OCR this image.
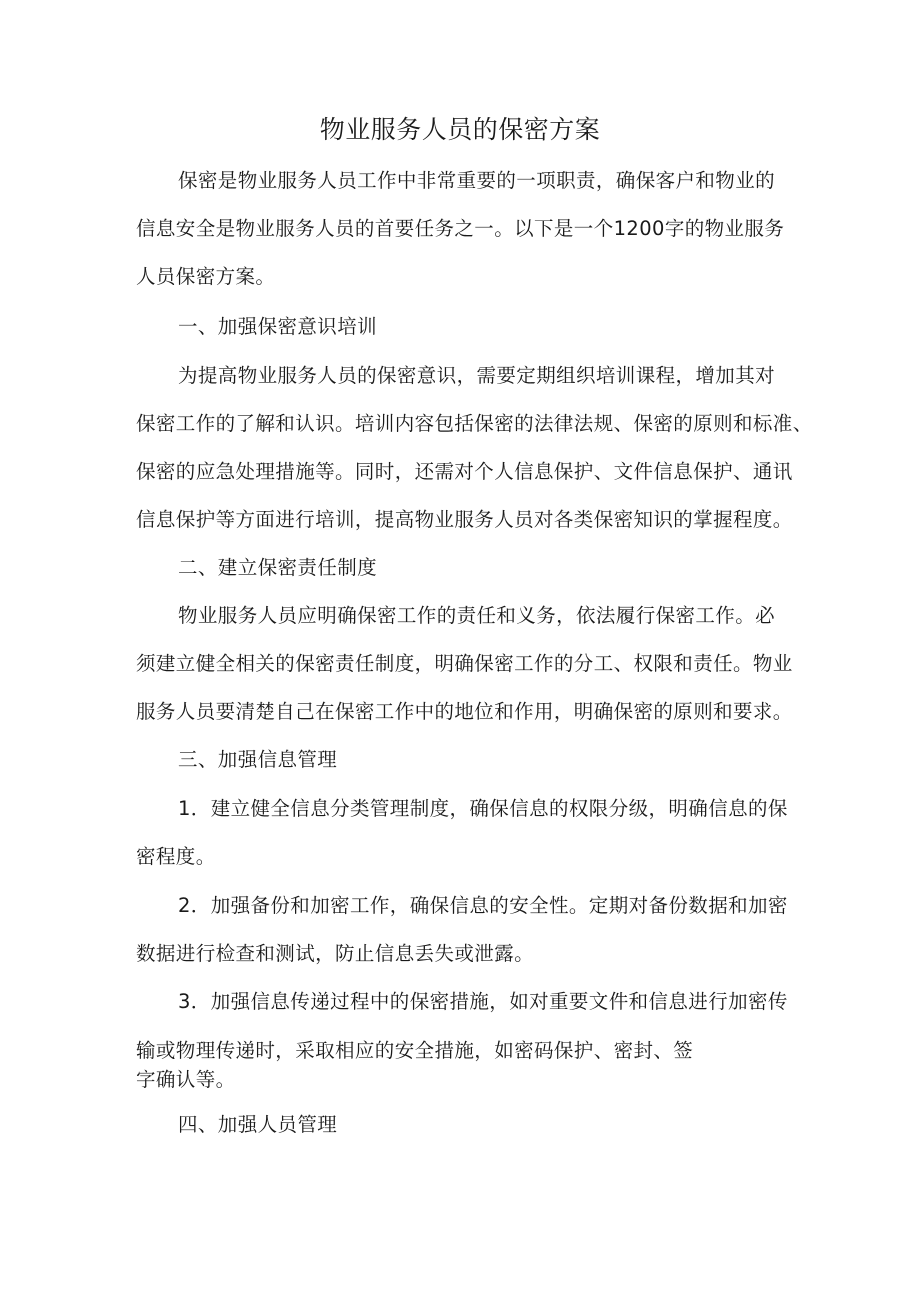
物业服务人员的保密方案
保密是物业服务人员工作中非常重要的一项职责，确保客户和物业的
信息安全是物业服务人员的首要任务之一。以下是一个1200字的物业服务
人员保密方案。
一、加强保密意识培训
为提高物业服务人员的保密意识，需要定期组织培训课程，增加其对
保密工作的了解和认识。培训内容包括保密的法律法规、保密的原则和标准、
保密的应急处理措施等。同时，还需对个人信息保护、文件信息保护、通讯
信息保护等方面进行培训，提高物业服务人员对各类保密知识的掌握程度。
二、建立保密责任制度
物业服务人员应明确保密工作的责任和义务，依法履行保密工作。必
须建立健全相关的保密责任制度，明确保密工作的分工、权限和责任。物业
服务人员要清楚自己在保密工作中的地位和作用，明确保密的原则和要求。
三、加强信息管理
1．建立健全信息分类管理制度，确保信息的权限分级，明确信息的保
密程度。
2．加强备份和加密工作，确保信息的安全性。定期对备份数据和加密
数据进行检查和测试，防止信息丢失或泄露。
3．加强信息传递过程中的保密措施，如对重要文件和信息进行加密传
输或物理传递时，采取相应的安全措施，如密码保护、密封、签
字确认等。
四、加强人员管理
